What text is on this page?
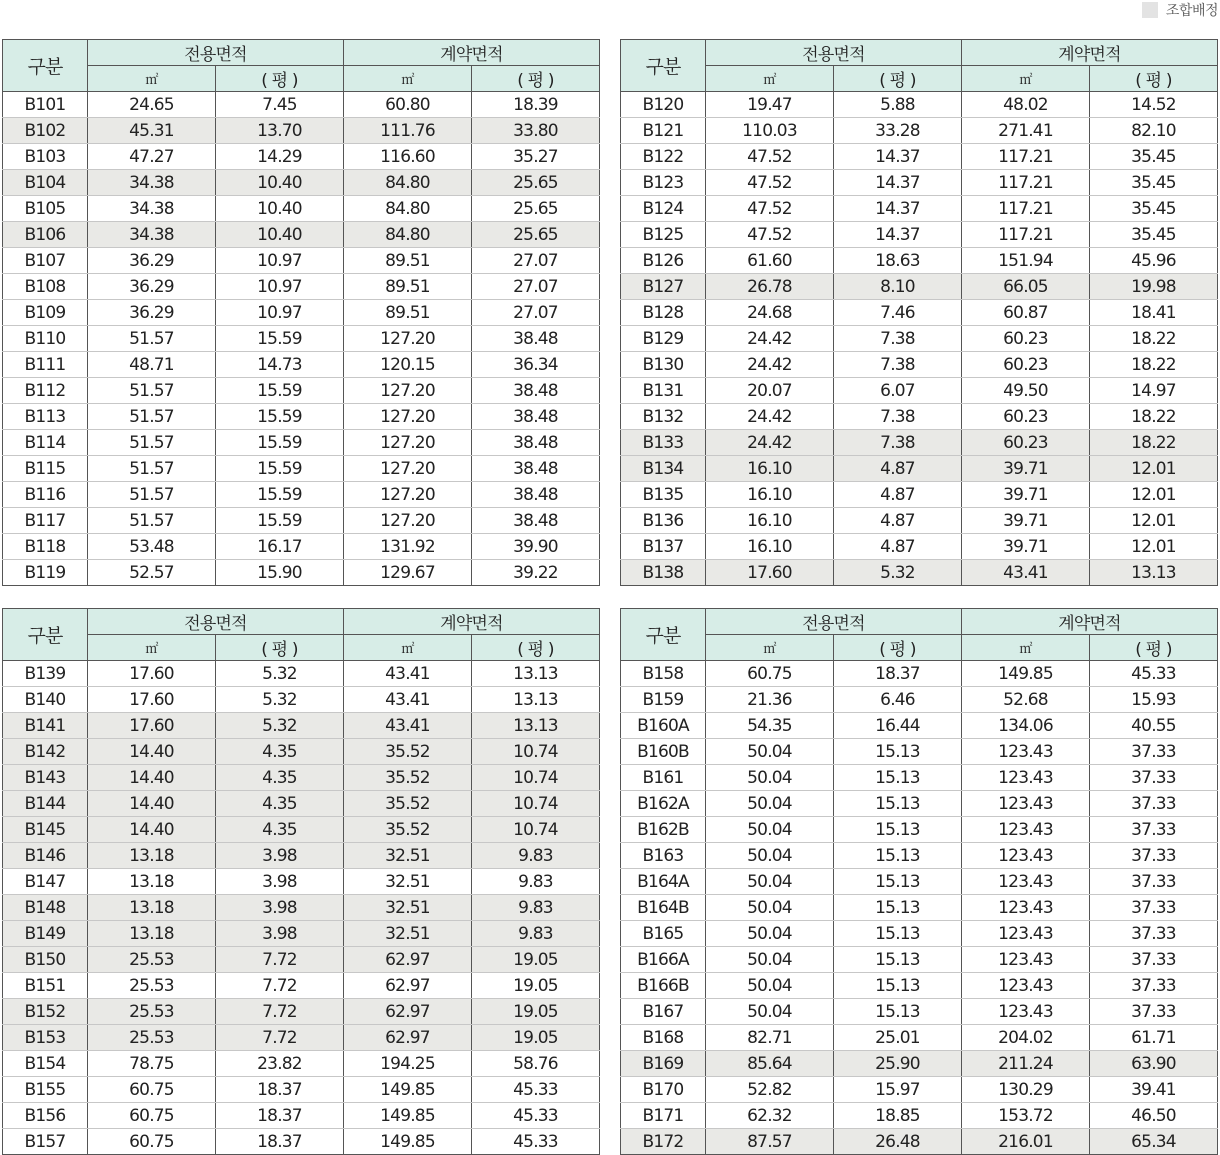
조합배정
구분	전용면적		계약면적	
	㎡	( 평 )	㎡	( 평 )
B101	24.65	7.45	60.80	18.39
B102	45.31	13.70	111.76	33.80
B103	47.27	14.29	116.60	35.27
B104	34.38	10.40	84.80	25.65
B105	34.38	10.40	84.80	25.65
B106	34.38	10.40	84.80	25.65
B107	36.29	10.97	89.51	27.07
B108	36.29	10.97	89.51	27.07
B109	36.29	10.97	89.51	27.07
B110	51.57	15.59	127.20	38.48
B111	48.71	14.73	120.15	36.34
B112	51.57	15.59	127.20	38.48
B113	51.57	15.59	127.20	38.48
B114	51.57	15.59	127.20	38.48
B115	51.57	15.59	127.20	38.48
B116	51.57	15.59	127.20	38.48
B117	51.57	15.59	127.20	38.48
B118	53.48	16.17	131.92	39.90
B119	52.57	15.90	129.67	39.22
구분	전용면적		계약면적	
	㎡	( 평 )	㎡	( 평 )
B120	19.47	5.88	48.02	14.52
B121	110.03	33.28	271.41	82.10
B122	47.52	14.37	117.21	35.45
B123	47.52	14.37	117.21	35.45
B124	47.52	14.37	117.21	35.45
B125	47.52	14.37	117.21	35.45
B126	61.60	18.63	151.94	45.96
B127	26.78	8.10	66.05	19.98
B128	24.68	7.46	60.87	18.41
B129	24.42	7.38	60.23	18.22
B130	24.42	7.38	60.23	18.22
B131	20.07	6.07	49.50	14.97
B132	24.42	7.38	60.23	18.22
B133	24.42	7.38	60.23	18.22
B134	16.10	4.87	39.71	12.01
B135	16.10	4.87	39.71	12.01
B136	16.10	4.87	39.71	12.01
B137	16.10	4.87	39.71	12.01
B138	17.60	5.32	43.41	13.13
구분	전용면적		계약면적	
	㎡	( 평 )	㎡	( 평 )
B139	17.60	5.32	43.41	13.13
B140	17.60	5.32	43.41	13.13
B141	17.60	5.32	43.41	13.13
B142	14.40	4.35	35.52	10.74
B143	14.40	4.35	35.52	10.74
B144	14.40	4.35	35.52	10.74
B145	14.40	4.35	35.52	10.74
B146	13.18	3.98	32.51	9.83
B147	13.18	3.98	32.51	9.83
B148	13.18	3.98	32.51	9.83
B149	13.18	3.98	32.51	9.83
B150	25.53	7.72	62.97	19.05
B151	25.53	7.72	62.97	19.05
B152	25.53	7.72	62.97	19.05
B153	25.53	7.72	62.97	19.05
B154	78.75	23.82	194.25	58.76
B155	60.75	18.37	149.85	45.33
B156	60.75	18.37	149.85	45.33
B157	60.75	18.37	149.85	45.33
구분	전용면적		계약면적	
	㎡	( 평 )	㎡	( 평 )
B158	60.75	18.37	149.85	45.33
B159	21.36	6.46	52.68	15.93
B160A	54.35	16.44	134.06	40.55
B160B	50.04	15.13	123.43	37.33
B161	50.04	15.13	123.43	37.33
B162A	50.04	15.13	123.43	37.33
B162B	50.04	15.13	123.43	37.33
B163	50.04	15.13	123.43	37.33
B164A	50.04	15.13	123.43	37.33
B164B	50.04	15.13	123.43	37.33
B165	50.04	15.13	123.43	37.33
B166A	50.04	15.13	123.43	37.33
B166B	50.04	15.13	123.43	37.33
B167	50.04	15.13	123.43	37.33
B168	82.71	25.01	204.02	61.71
B169	85.64	25.90	211.24	63.90
B170	52.82	15.97	130.29	39.41
B171	62.32	18.85	153.72	46.50
B172	87.57	26.48	216.01	65.34
